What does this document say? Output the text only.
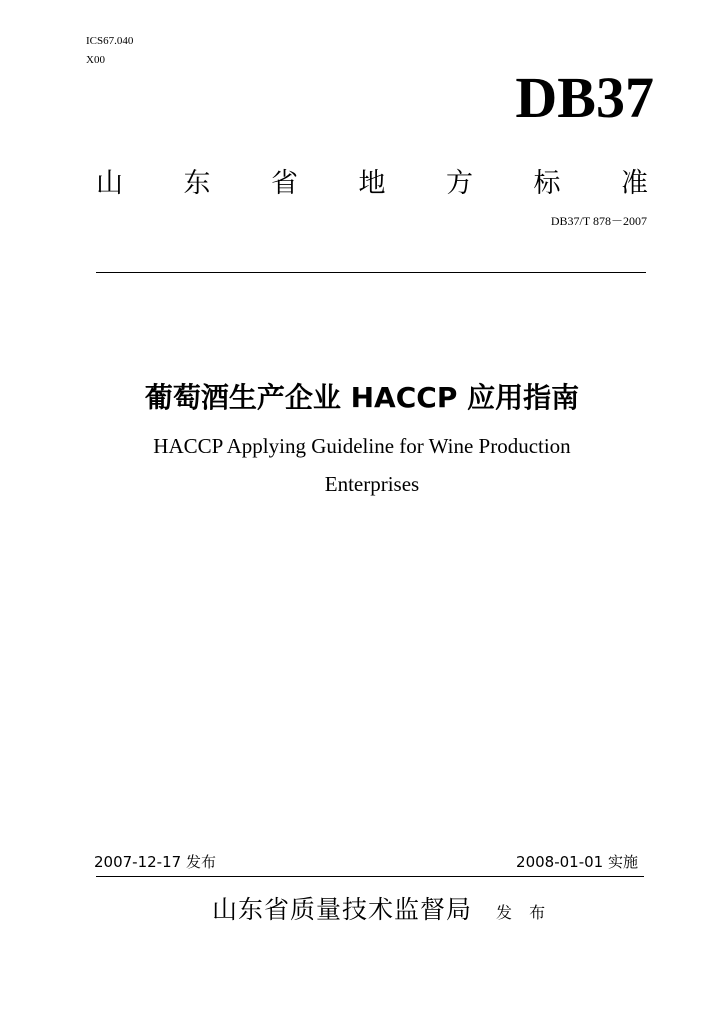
ICS67.040
X00
DB37
山 东 省 地 方 标 准
DB37/T 878－2007
葡萄酒生产企业 HACCP 应用指南
HACCP Applying Guideline for Wine Production
Enterprises
2007-12-17 发布	2008-01-01 实施
山东省质量技术监督局 发 布
